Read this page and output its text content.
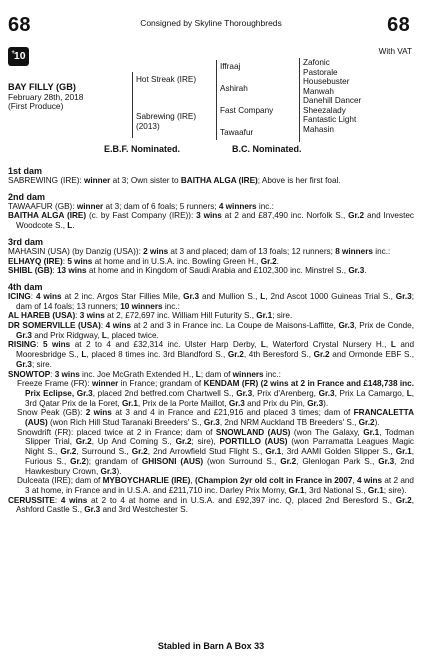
68	Consigned by Skyline Thoroughbreds	68
With VAT
+10
BAY FILLY (GB)
February 28th, 2018
(First Produce)
Hot Streak (IRE)
Sabrewing (IRE)
(2013)
Iffraaj
Ashirah
Fast Company
Tawaafur
Zafonic
Pastorale
Housebuster
Manwah
Danehill Dancer
Sheezalady
Fantastic Light
Mahasin
E.B.F. Nominated.	B.C. Nominated.
1st dam

SABREWING (IRE): winner at 3; Own sister to BAITHA ALGA (IRE); Above is her first foal.

2nd dam

TAWAAFUR (GB): winner at 3; dam of 6 foals; 5 runners; 4 winners inc.:

BAITHA ALGA (IRE) (c. by Fast Company (IRE)): 3 wins at 2 and £87,490 inc. Norfolk S., Gr.2 and Investec Woodcote S., L.

3rd dam

MAHASIN (USA) (by Danzig (USA)): 2 wins at 3 and placed; dam of 13 foals; 12 runners; 8 winners inc.:

ELHAYQ (IRE): 5 wins at home and in U.S.A. inc. Bowling Green H., Gr.2.

SHIBL (GB): 13 wins at home and in Kingdom of Saudi Arabia and £102,300 inc. Minstrel S., Gr.3.

4th dam

ICING: 4 wins at 2 inc. Argos Star Fillies Mile, Gr.3 and Mullion S., L, 2nd Ascot 1000 Guineas Trial S., Gr.3; dam of 14 foals; 13 runners; 10 winners inc.:

AL HAREB (USA): 3 wins at 2, £72,697 inc. William Hill Futurity S., Gr.1; sire.

DR SOMERVILLE (USA): 4 wins at 2 and 3 in France inc. La Coupe de Maisons-Laffitte, Gr.3, Prix de Conde, Gr.3 and Prix Ridgway, L, placed twice.

RISING: 5 wins at 2 to 4 and £32,314 inc. Ulster Harp Derby, L, Waterford Crystal Nursery H., L and Mooresbridge S., L, placed 8 times inc. 3rd Blandford S., Gr.2, 4th Beresford S., Gr.2 and Ormonde EBF S., Gr.3; sire.

SNOWTOP: 3 wins inc. Joe McGrath Extended H., L; dam of winners inc.:

Freeze Frame (FR): winner in France; grandam of KENDAM (FR) (2 wins at 2 in France and £148,738 inc. Prix Eclipse, Gr.3, placed 2nd betfred.com Chartwell S., Gr.3, Prix d'Arenberg, Gr.3, Prix La Camargo, L, 3rd Qatar Prix de la Foret, Gr.1, Prix de la Porte Maillot, Gr.3 and Prix du Pin, Gr.3).

Snow Peak (GB): 2 wins at 3 and 4 in France and £21,916 and placed 3 times; dam of FRANCALETTA (AUS) (won Rich Hill Stud Taranaki Breeders' S., Gr.3, 2nd NRM Auckland TB Breeders' S., Gr.2).

Snowdrift (FR): placed twice at 2 in France; dam of SNOWLAND (AUS) (won The Galaxy, Gr.1, Todman Slipper Trial, Gr.2, Up And Coming S., Gr.2; sire), PORTILLO (AUS) (won Parramatta Leagues Magic Night S., Gr.2, Surround S., Gr.2, 2nd Arrowfield Stud Flight S., Gr.1, 3rd AAMI Golden Slipper S., Gr.1, Furious S., Gr.2); grandam of GHISONI (AUS) (won Surround S., Gr.2, Glenlogan Park S., Gr.3, 2nd Hawkesbury Crown, Gr.3).

Dulceata (IRE); dam of MYBOYCHARLIE (IRE), (Champion 2yr old colt in France in 2007, 4 wins at 2 and 3 at home, in France and in U.S.A. and £211,710 inc. Darley Prix Morny, Gr.1, 3rd National S., Gr.1; sire).

CERUSSITE: 4 wins at 2 to 4 at home and in U.S.A. and £92,397 inc. Q, placed 2nd Beresford S., Gr.2, Ashford Castle S., Gr.3 and 3rd Westchester S.

Stabled in Barn A Box 33
